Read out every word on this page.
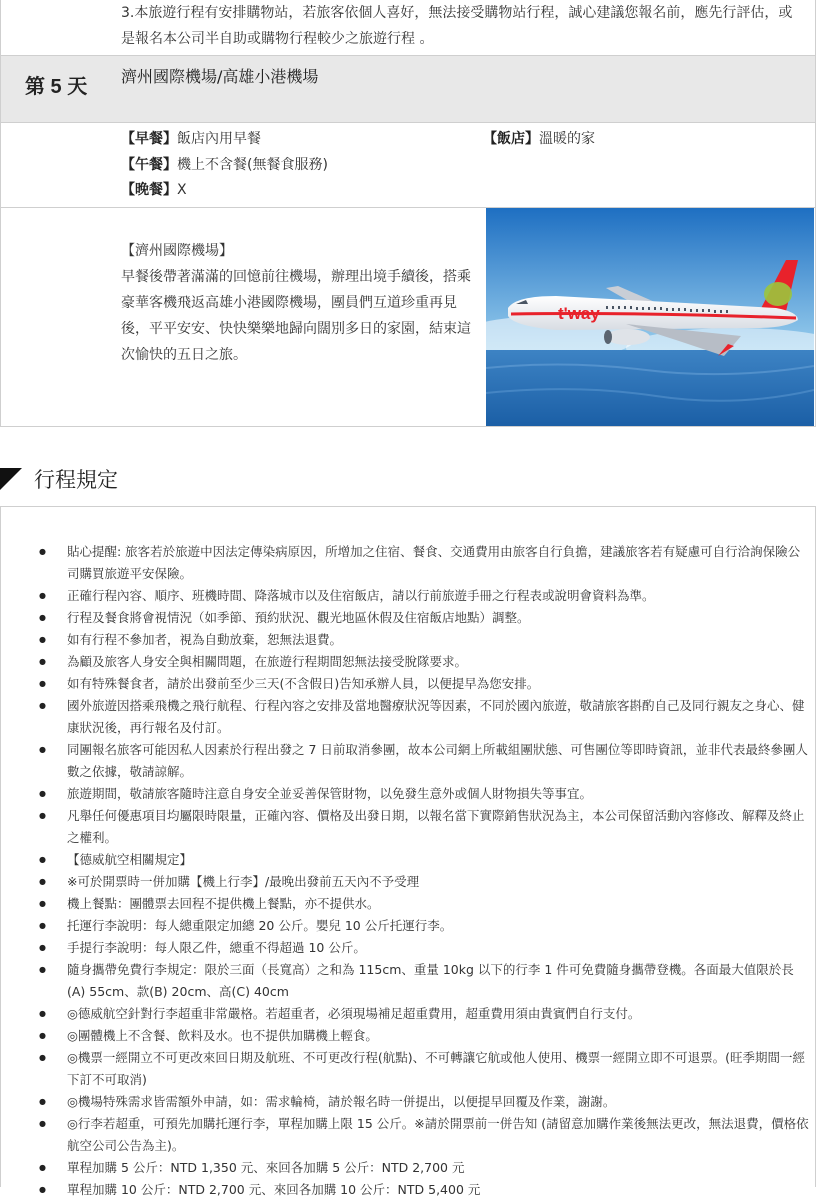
3.本旅遊行程有安排購物站，若旅客依個人喜好，無法接受購物站行程，誠心建議您報名前，應先行評估，或是報名本公司半自助或購物行程較少之旅遊行程 。

第 5 天 濟州國際機場/高雄小港機場
【早餐】飯店內用早餐
【午餐】機上不含餐(無餐食服務)
【晚餐】X
【飯店】溫暖的家
【濟州國際機場】
早餐後帶著滿滿的回憶前往機場，辦理出境手續後，搭乘豪華客機飛返高雄小港國際機場，團員們互道珍重再見後，平平安安、快快樂樂地歸向闊別多日的家園，結束這次愉快的五日之旅。
t'way
行程規定
● 貼心提醒: 旅客若於旅遊中因法定傳染病原因，所增加之住宿、餐食、交通費用由旅客自行負擔，建議旅客若有疑慮可自行洽詢保險公司購買旅遊平安保險。
● 正確行程內容、順序、班機時間、降落城市以及住宿飯店，請以行前旅遊手冊之行程表或說明會資料為準。
● 行程及餐食將會視情況（如季節、預約狀況、觀光地區休假及住宿飯店地點）調整。
● 如有行程不參加者，視為自動放棄，恕無法退費。
● 為顧及旅客人身安全與相關問題，在旅遊行程期間恕無法接受脫隊要求。
● 如有特殊餐食者，請於出發前至少三天(不含假日)告知承辦人員，以便提早為您安排。
● 國外旅遊因搭乘飛機之飛行航程、行程內容之安排及當地醫療狀況等因素，不同於國內旅遊，敬請旅客斟酌自己及同行親友之身心、健康狀況後，再行報名及付訂。
● 同團報名旅客可能因私人因素於行程出發之 7 日前取消參團，故本公司網上所載組團狀態、可售團位等即時資訊，並非代表最終參團人數之依據，敬請諒解。
● 旅遊期間，敬請旅客隨時注意自身安全並妥善保管財物，以免發生意外或個人財物損失等事宜。
● 凡舉任何優惠項目均屬限時限量，正確內容、價格及出發日期，以報名當下實際銷售狀況為主，本公司保留活動內容修改、解釋及終止之權利。
● 【德威航空相關規定】
● ※可於開票時一併加購【機上行李】/最晚出發前五天內不予受理
● 機上餐點：團體票去回程不提供機上餐點，亦不提供水。
● 托運行李說明：每人總重限定加總 20 公斤。嬰兒 10 公斤托運行李。
● 手提行李說明：每人限乙件，總重不得超過 10 公斤。
● 隨身攜帶免費行李規定：限於三面（長寬高）之和為 115cm、重量 10kg 以下的行李 1 件可免費隨身攜帶登機。各面最大值限於長(A) 55cm、款(B) 20cm、高(C) 40cm
● ◎德威航空針對行李超重非常嚴格。若超重者，必須現場補足超重費用，超重費用須由貴賓們自行支付。
● ◎團體機上不含餐、飲料及水。也不提供加購機上輕食。
● ◎機票一經開立不可更改來回日期及航班、不可更改行程(航點)、不可轉讓它航或他人使用、機票一經開立即不可退票。(旺季期間一經下訂不可取消)
● ◎機場特殊需求皆需額外申請，如：需求輪椅，請於報名時一併提出，以便提早回覆及作業，謝謝。
● ◎行李若超重，可預先加購托運行李，單程加購上限 15 公斤。※請於開票前一併告知 (請留意加購作業後無法更改，無法退費，價格依航空公司公告為主)。
● 單程加購 5 公斤：NTD 1,350 元、來回各加購 5 公斤：NTD 2,700 元
● 單程加購 10 公斤：NTD 2,700 元、來回各加購 10 公斤：NTD 5,400 元
